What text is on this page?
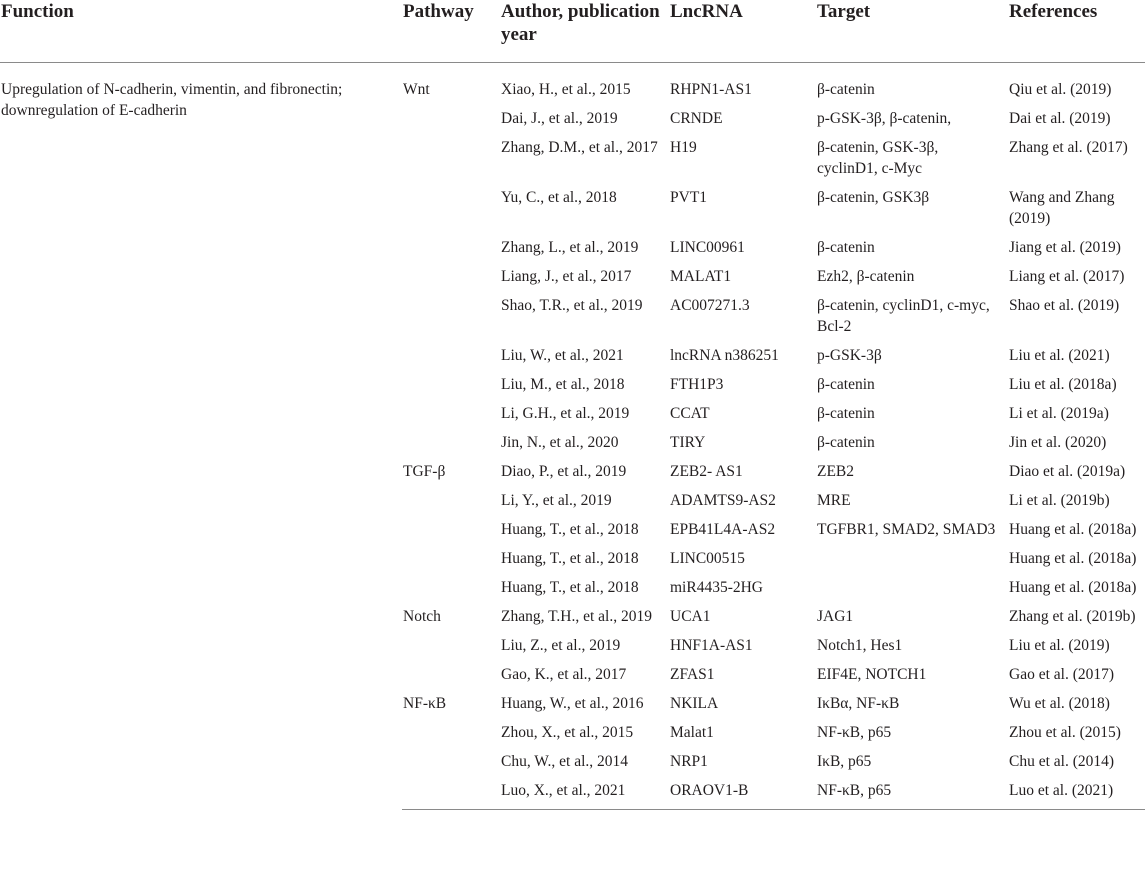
Function	Pathway	Author, publication year	LncRNA	Target	References

Upregulation of N-cadherin, vimentin, and fibronectin; downregulation of E-cadherin	Wnt	Xiao, H., et al., 2015	RHPN1-AS1	β-catenin	Qiu et al. (2019)
		Dai, J., et al., 2019	CRNDE	p-GSK-3β, β-catenin,	Dai et al. (2019)
		Zhang, D.M., et al., 2017	H19	β-catenin, GSK-3β, cyclinD1, c-Myc	Zhang et al. (2017)
		Yu, C., et al., 2018	PVT1	β-catenin, GSK3β	Wang and Zhang (2019)
		Zhang, L., et al., 2019	LINC00961	β-catenin	Jiang et al. (2019)
		Liang, J., et al., 2017	MALAT1	Ezh2, β-catenin	Liang et al. (2017)
		Shao, T.R., et al., 2019	AC007271.3	β-catenin, cyclinD1, c-myc, Bcl-2	Shao et al. (2019)
		Liu, W., et al., 2021	lncRNA n386251	p-GSK-3β	Liu et al. (2021)
		Liu, M., et al., 2018	FTH1P3	β-catenin	Liu et al. (2018a)
		Li, G.H., et al., 2019	CCAT	β-catenin	Li et al. (2019a)
		Jin, N., et al., 2020	TIRY	β-catenin	Jin et al. (2020)
	TGF-β	Diao, P., et al., 2019	ZEB2- AS1	ZEB2	Diao et al. (2019a)
		Li, Y., et al., 2019	ADAMTS9-AS2	MRE	Li et al. (2019b)
		Huang, T., et al., 2018	EPB41L4A-AS2	TGFBR1, SMAD2, SMAD3	Huang et al. (2018a)
		Huang, T., et al., 2018	LINC00515		Huang et al. (2018a)
		Huang, T., et al., 2018	miR4435-2HG		Huang et al. (2018a)
	Notch	Zhang, T.H., et al., 2019	UCA1	JAG1	Zhang et al. (2019b)
		Liu, Z., et al., 2019	HNF1A-AS1	Notch1, Hes1	Liu et al. (2019)
		Gao, K., et al., 2017	ZFAS1	EIF4E, NOTCH1	Gao et al. (2017)
	NF-κB	Huang, W., et al., 2016	NKILA	IκBα, NF-κB	Wu et al. (2018)
		Zhou, X., et al., 2015	Malat1	NF-κB, p65	Zhou et al. (2015)
		Chu, W., et al., 2014	NRP1	IκB, p65	Chu et al. (2014)
		Luo, X., et al., 2021	ORAOV1-B	NF-κB, p65	Luo et al. (2021)
